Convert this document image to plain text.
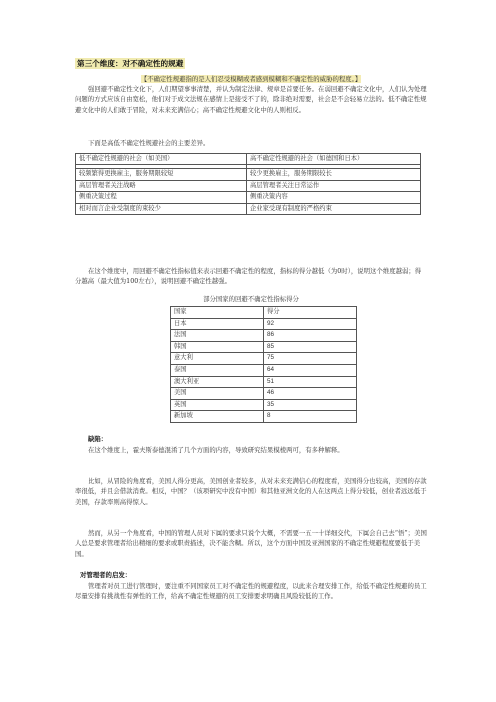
第三个维度：对不确定性的规避
【不确定性规避指的是人们忍受模糊或者感到模糊和不确定性的威胁的程度。】
强回避不确定性文化下，人们期望事事清楚，并认为制定法律、规章是首要任务。在弱回避不确定文化中，人们认为处理问题的方式应该自由宽松，他们对于成文法规在感情上是接受不了的，除非绝对需要，社会是不会轻易立法的。低不确定性规避文化中的人们敢于冒险，对未来充满信心；高不确定性规避文化中的人则相反。
下面是高低不确定性规避社会的主要差异。
低不确定性规避的社会（如美国）	高不确定性规避的社会（如德国和日本）

较频繁得更换雇主，服务期限较短	较少更换雇主，服务期限较长
高层管理者关注战略	高层管理者关注日常运作
侧重决策过程	侧重决策内容
相对而言企业受制度的束较少	企业家受现有制度的严格约束
在这个维度中，用回避不确定性指标值来表示回避不确定性的程度，指标的得分越低（为0时），说明这个维度越弱；得分越高（最大值为100左右），说明回避不确定性越强。
部分国家的回避不确定性指标得分
国家	得分
日本	92
法国	86
韩国	85
意大利	75
泰国	64
澳大利亚	51
美国	46
英国	35
新加坡	8
缺陷：
在这个维度上，霍夫斯泰德混淆了几个方面的内容，导致研究结果模棱两可，有多种解释。
比如，从冒险的角度看，美国人得分更高，美国创业者较多，从对未来充满信心的程度看，美国得分也较高，美国的存款率很低，并且会借款消费。相反，中国？（该项研究中没有中国）和其他亚洲文化的人在这两点上得分较低，创业者远远低于美国，存款率则高得惊人。
然而，从另一个角度看，中国的管理人员对下属的要求只说个大概，不需要一五一十详细交代，下属会自己去“悟”；美国人总是要求管理者给出精细的要求或职责描述，决不能含糊。所以，这个方面中国及亚洲国家的不确定性规避程度要低于美国。
对管理者的启发：
管理者对员工进行管理时，要注重不同国家员工对不确定性的规避程度，以此来合理安排工作，给低不确定性规避的员工尽量安排有挑战性有弹性的工作，给高不确定性规避的员工安排要求明确且风险较低的工作。
